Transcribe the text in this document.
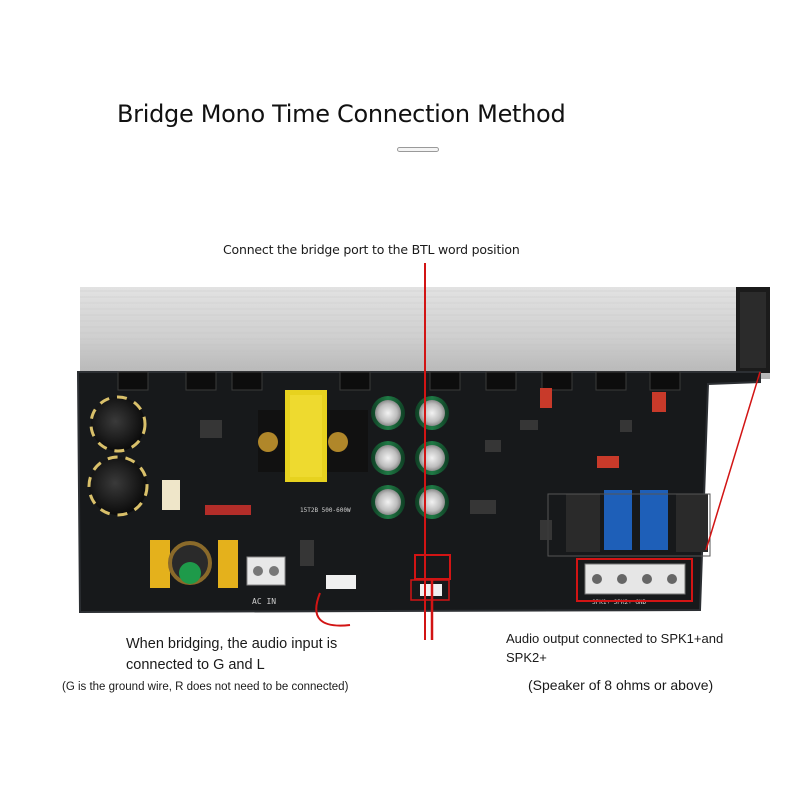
Bridge Mono Time Connection Method
Connect the bridge port to the BTL word position
AC IN
15T2B 500-600W
SPK1+ SPK2+ GND
When bridging, the audio input is
connected to G and L
(G is the ground wire, R does not need to be connected)
Audio output connected to SPK1+and
SPK2+
(Speaker of 8 ohms or above)
